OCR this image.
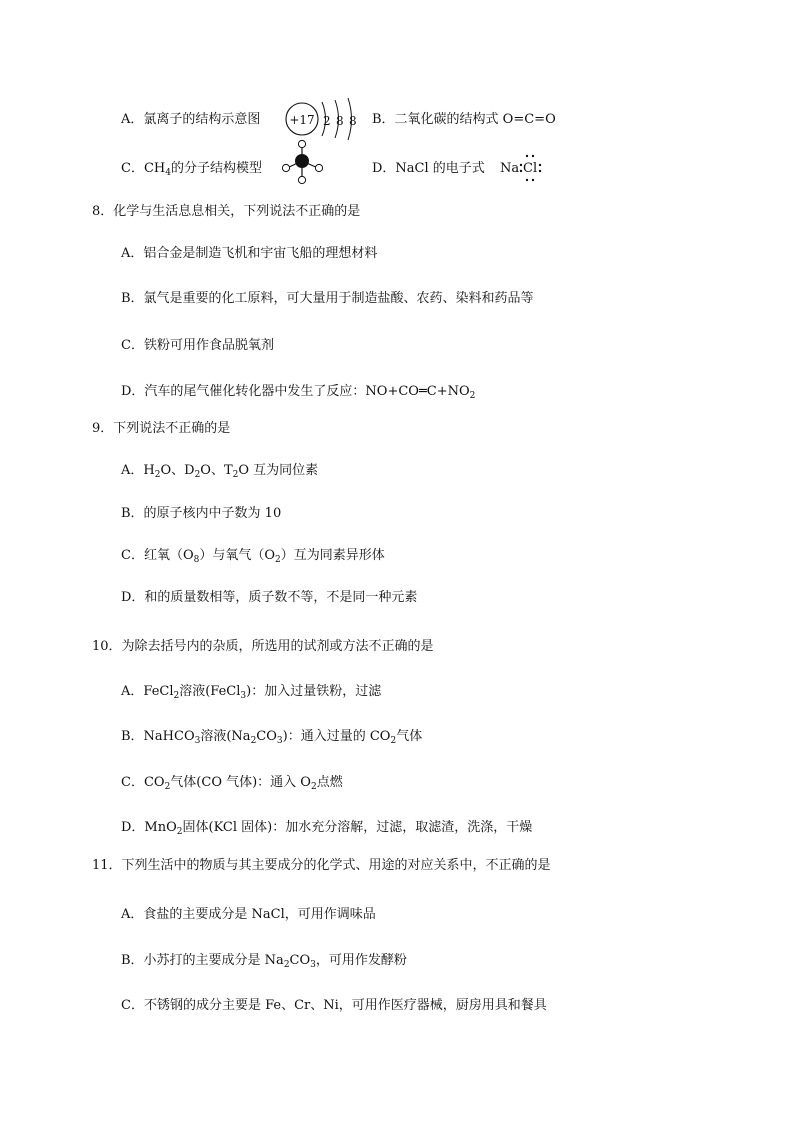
A．氯离子的结构示意图 +17 2 8 8 B．二氧化碳的结构式 O=C=O
C．$CH_4$的分子结构模型	D．NaCl 的电子式 Na Cl
8．化学与生活息息相关，下列说法不正确的是
A．铝合金是制造飞机和宇宙飞船的理想材料
B．氯气是重要的化工原料，可大量用于制造盐酸、农药、染料和药品等
C．铁粉可用作食品脱氧剂
D．汽车的尾气催化转化器中发生了反应：$NO+CO═C+NO_2$
9．下列说法不正确的是
A．$H_2O$、$D_2O$、$T_2O$ 互为同位素
B．的原子核内中子数为 10
C．红氧$(O_8)$与氧气$(O_2)$互为同素异形体
D．和的质量数相等，质子数不等，不是同一种元素
10．为除去括号内的杂质，所选用的试剂或方法不正确的是
A．FeCl$_2$溶液(FeCl$_3$)：加入过量铁粉，过滤
B．NaHCO$_3$溶液$(Na_2CO_3)$：通入过量的 $CO_2$气体
C．$CO_2$气体(CO 气体)：通入 $O_2$点燃
D．MnO$_2$固体(KCl 固体)：加水充分溶解，过滤，取滤渣，洗涤，干燥
11．下列生活中的物质与其主要成分的化学式、用途的对应关系中，不正确的是
A．食盐的主要成分是 NaCl，可用作调味品
B．小苏打的主要成分是 $Na_2CO_3$，可用作发酵粉
C．不锈钢的成分主要是 Fe、Cr、Ni，可用作医疗器械，厨房用具和餐具
